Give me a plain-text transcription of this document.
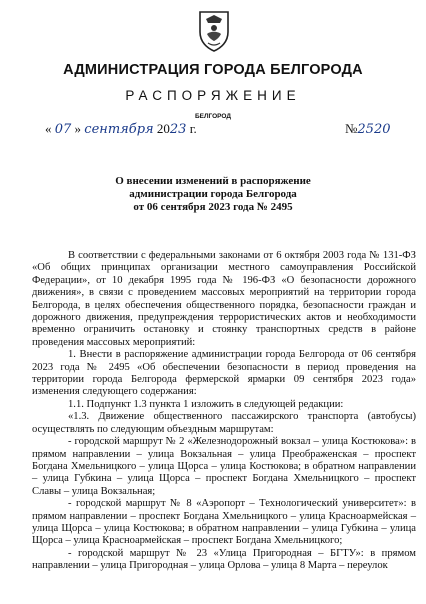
АДМИНИСТРАЦИЯ ГОРОДА БЕЛГОРОДА
РАСПОРЯЖЕНИЕ
БЕЛГОРОД
« 07 » сентября 2023 г.	№2520
О внесении изменений в распоряжение
администрации города Белгорода
от 06 сентября 2023 года № 2495

В соответствии с федеральными законами от 6 октября 2003 года № 131-ФЗ «Об общих принципах организации местного самоуправления Российской Федерации», от 10 декабря 1995 года № 196-ФЗ «О безопасности дорожного движения», в связи с проведением массовых мероприятий на территории города Белгорода, в целях обеспечения общественного порядка, безопасности граждан и дорожного движения, предупреждения террористических актов и необходимости временно ограничить остановку и стоянку транспортных средств в районе проведения массовых мероприятий:

1. Внести в распоряжение администрации города Белгорода от 06 сентября 2023 года № 2495 «Об обеспечении безопасности в период проведения на территории города Белгорода фермерской ярмарки 09 сентября 2023 года» изменения следующего содержания:

1.1. Подпункт 1.3 пункта 1 изложить в следующей редакции:

«1.3. Движение общественного пассажирского транспорта (автобусы) осуществлять по следующим объездным маршрутам:

- городской маршрут № 2 «Железнодорожный вокзал – улица Костюкова»: в прямом направлении – улица Вокзальная – улица Преображенская – проспект Богдана Хмельницкого – улица Щорса – улица Костюкова; в обратном направлении – улица Губкина – улица Щорса – проспект Богдана Хмельницкого – проспект Славы – улица Вокзальная;

- городской маршрут № 8 «Аэропорт – Технологический университет»: в прямом направлении – проспект Богдана Хмельницкого – улица Красноармейская – улица Щорса – улица Костюкова; в обратном направлении – улица Губкина – улица Щорса – улица Красноармейская – проспект Богдана Хмельницкого;

- городской маршрут № 23 «Улица Пригородная – БГТУ»: в прямом направлении – улица Пригородная – улица Орлова – улица 8 Марта – переулок
